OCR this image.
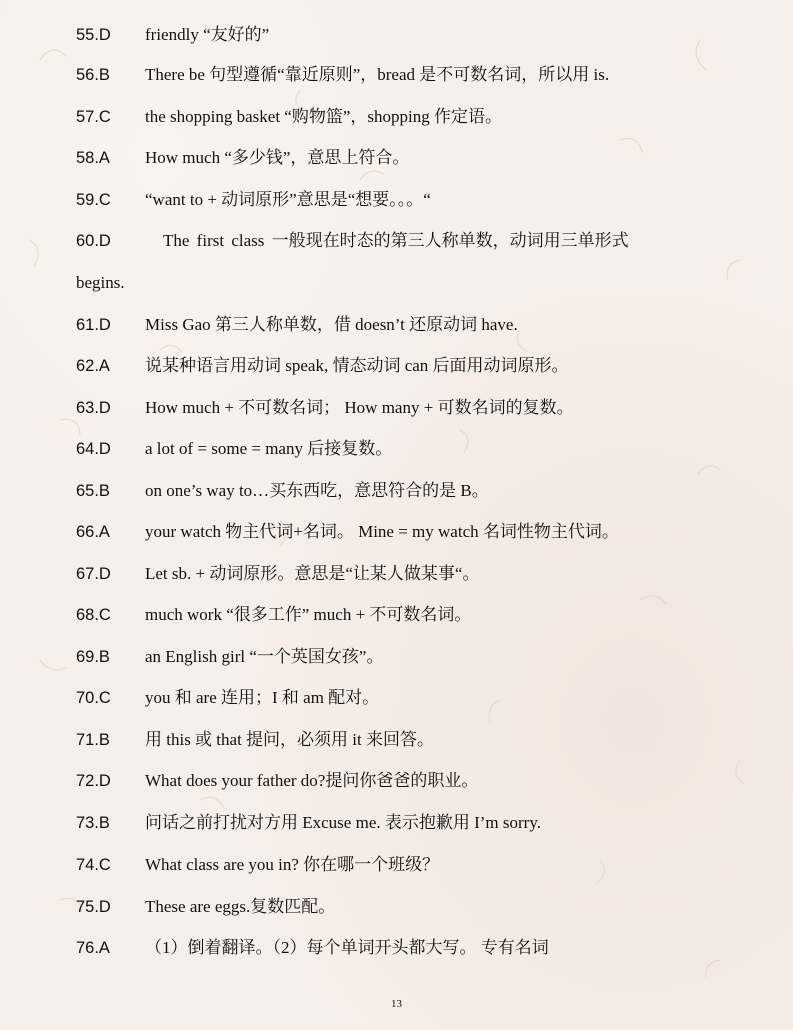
55.D friendly “友好的”
56.B There be 句型遵循“靠近原则”，bread 是不可数名词，所以用 is.
57.C the shopping basket “购物篮”，shopping 作定语。
58.A How much “多少钱”，意思上符合。
59.C “want to + 动词原形”意思是“想要。。。“
60.D	The first class 一般现在时态的第三人称单数，动词用三单形式
begins.
61.D Miss Gao 第三人称单数，借 doesn’t 还原动词 have.
62.A 说某种语言用动词 speak, 情态动词 can 后面用动词原形。
63.D How much + 不可数名词； How many + 可数名词的复数。
64.D a lot of = some = many 后接复数。
65.B on one’s way to…买东西吃，意思符合的是 B。
66.A your watch 物主代词+名词。 Mine = my watch 名词性物主代词。
67.D Let sb. + 动词原形。意思是“让某人做某事“。
68.C much work “很多工作” much + 不可数名词。
69.B an English girl “一个英国女孩”。
70.C you 和 are 连用；I 和 am 配对。
71.B 用 this 或 that 提问，必须用 it 来回答。
72.D What does your father do?提问你爸爸的职业。
73.B 问话之前打扰对方用 Excuse me. 表示抱歉用 I’m sorry.
74.C What class are you in? 你在哪一个班级？
75.D These are eggs.复数匹配。
76.A （1）倒着翻译。（2）每个单词开头都大写。 专有名词
13
